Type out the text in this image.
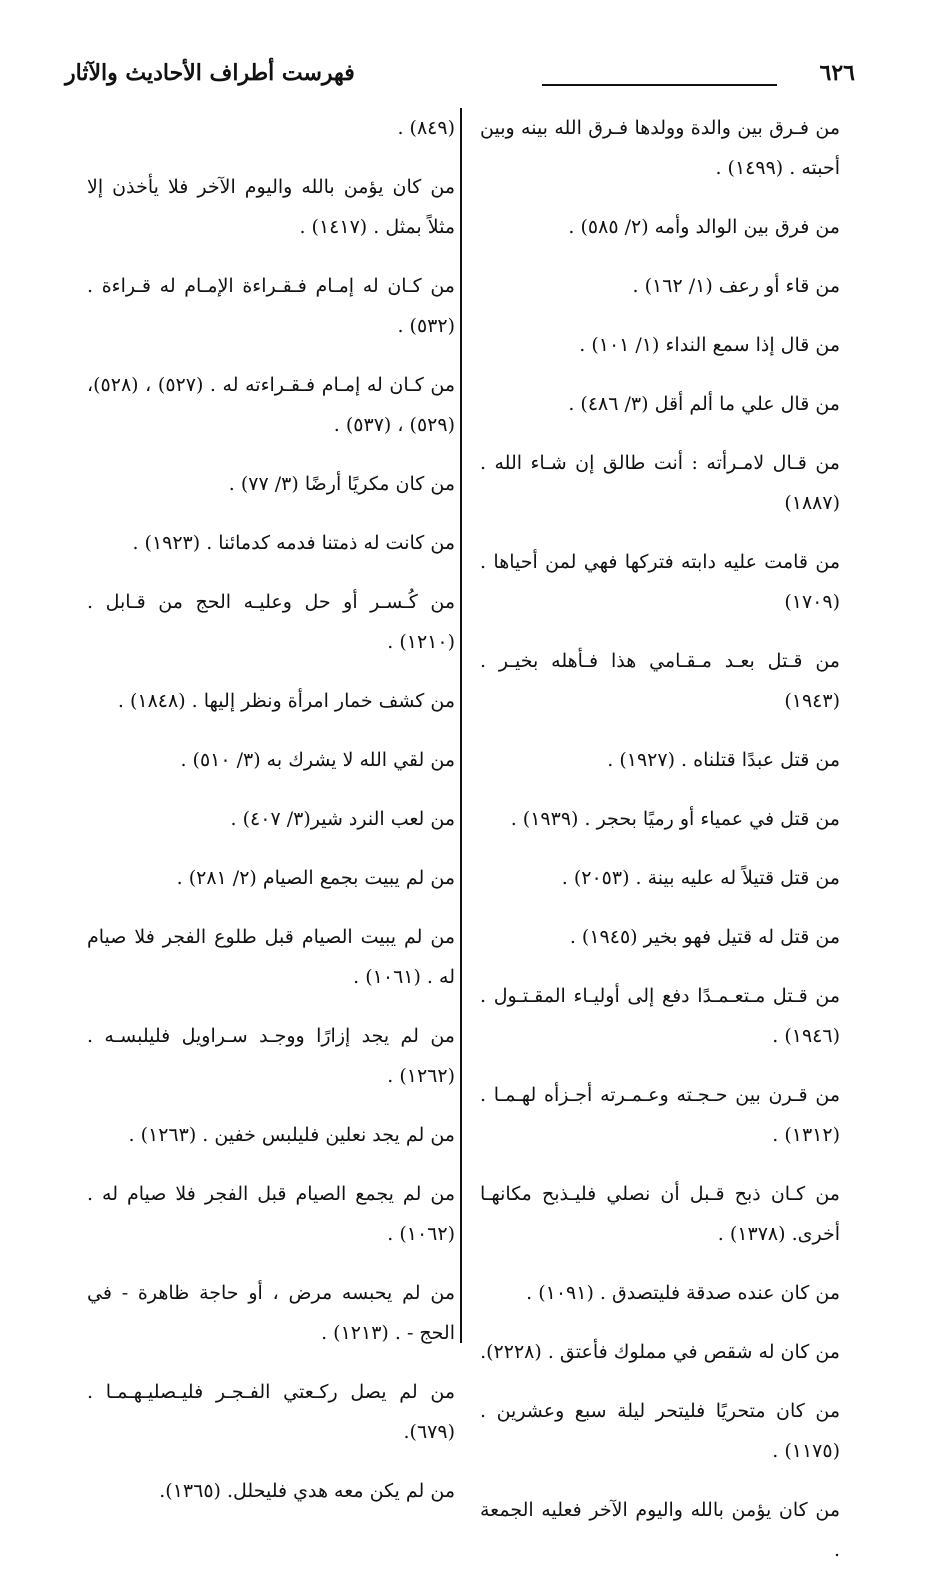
٦٢٦
فهرست أطراف الأحاديث والآثار

من فـرق بين والدة وولدها فـرق الله بينه وبين أحبته . (١٤٩٩) .

من فرق بين الوالد وأمه (٢/ ٥٨٥) .

من قاء أو رعف (١/ ١٦٢) .

من قال إذا سمع النداء (١/ ١٠١) .

من قال علي ما ألم أقل (٣/ ٤٨٦) .

من قـال لامـرأته : أنت طالق إن شـاء الله . (١٨٨٧)

من قامت عليه دابته فتركها فهي لمن أحياها . (١٧٠٩)

من قـتل بعـد مـقـامي هذا فـأهله بخيـر . (١٩٤٣)

من قتل عبدًا قتلناه . (١٩٢٧) .

من قتل في عمياء أو رميًا بحجر . (١٩٣٩) .

من قتل قتيلاً له عليه بينة . (٢٠٥٣) .

من قتل له قتيل فهو بخير (١٩٤٥) .

من قـتل مـتعـمـدًا دفع إلى أوليـاء المقـتـول . (١٩٤٦) .

من قـرن بين حـجـته وعـمـرته أجـزأه لهـمـا . (١٣١٢) .

من كـان ذبح قـبل أن نصلي فليـذبح مكانهـا أخرى. (١٣٧٨) .

من كان عنده صدقة فليتصدق . (١٠٩١) .

من كان له شقص في مملوك فأعتق . (٢٢٢٨).

من كان متحريًا فليتحر ليلة سبع وعشرين . (١١٧٥) .

من كان يؤمن بالله واليوم الآخر فعليه الجمعة .

(٨٤٩) .

من كان يؤمن بالله واليوم الآخر فلا يأخذن إلا مثلاً بمثل . (١٤١٧) .

من كـان له إمـام فـقـراءة الإمـام له قـراءة . (٥٣٢) .

من كـان له إمـام فـقـراءته له . (٥٢٧) ، (٥٢٨)، (٥٢٩) ، (٥٣٧) .

من كان مكريًا أرضًا (٣/ ٧٧) .

من كانت له ذمتنا فدمه كدمائنا . (١٩٢٣) .

من كُـسـر أو حل وعليـه الحج من قـابل . (١٢١٠) .

من كشف خمار امرأة ونظر إليها . (١٨٤٨) .

من لقي الله لا يشرك به (٣/ ٥١٠) .

من لعب النرد شير(٣/ ٤٠٧) .

من لم يبيت بجمع الصيام (٢/ ٢٨١) .

من لم يبيت الصيام قبل طلوع الفجر فلا صيام له . (١٠٦١) .

من لم يجد إزارًا ووجـد سـراويل فليلبسـه . (١٢٦٢) .

من لم يجد نعلين فليلبس خفين . (١٢٦٣) .

من لم يجمع الصيام قبل الفجر فلا صيام له . (١٠٦٢) .

من لم يحبسه مرض ، أو حاجة ظاهرة - في الحج - . (١٢١٣) .

من لم يصل ركـعتي الفـجـر فليـصليـهـمـا . (٦٧٩).

من لم يكن معه هدي فليحلل. (١٣٦٥).
